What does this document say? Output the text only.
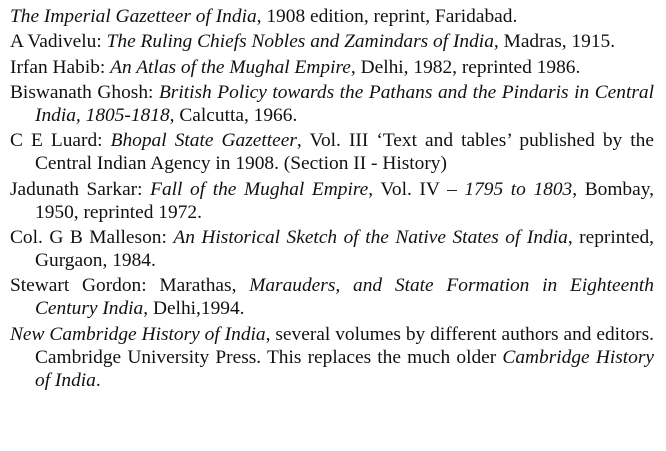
The Imperial Gazetteer of India, 1908 edition, reprint, Faridabad.

A Vadivelu: The Ruling Chiefs Nobles and Zamindars of India, Madras, 1915.

Irfan Habib: An Atlas of the Mughal Empire, Delhi, 1982, reprinted 1986.

Biswanath Ghosh: British Policy towards the Pathans and the Pindaris in Central India, 1805-1818, Calcutta, 1966.

C E Luard: Bhopal State Gazetteer, Vol. III ‘Text and tables’ published by the Central Indian Agency in 1908. (Section II - History)

Jadunath Sarkar: Fall of the Mughal Empire, Vol. IV – 1795 to 1803, Bombay, 1950, reprinted 1972.

Col. G B Malleson: An Historical Sketch of the Native States of India, reprinted, Gurgaon, 1984.

Stewart Gordon: Marathas, Marauders, and State Formation in Eighteenth Century India, Delhi,1994.

New Cambridge History of India, several volumes by different authors and editors. Cambridge University Press. This replaces the much older Cambridge History of India.
